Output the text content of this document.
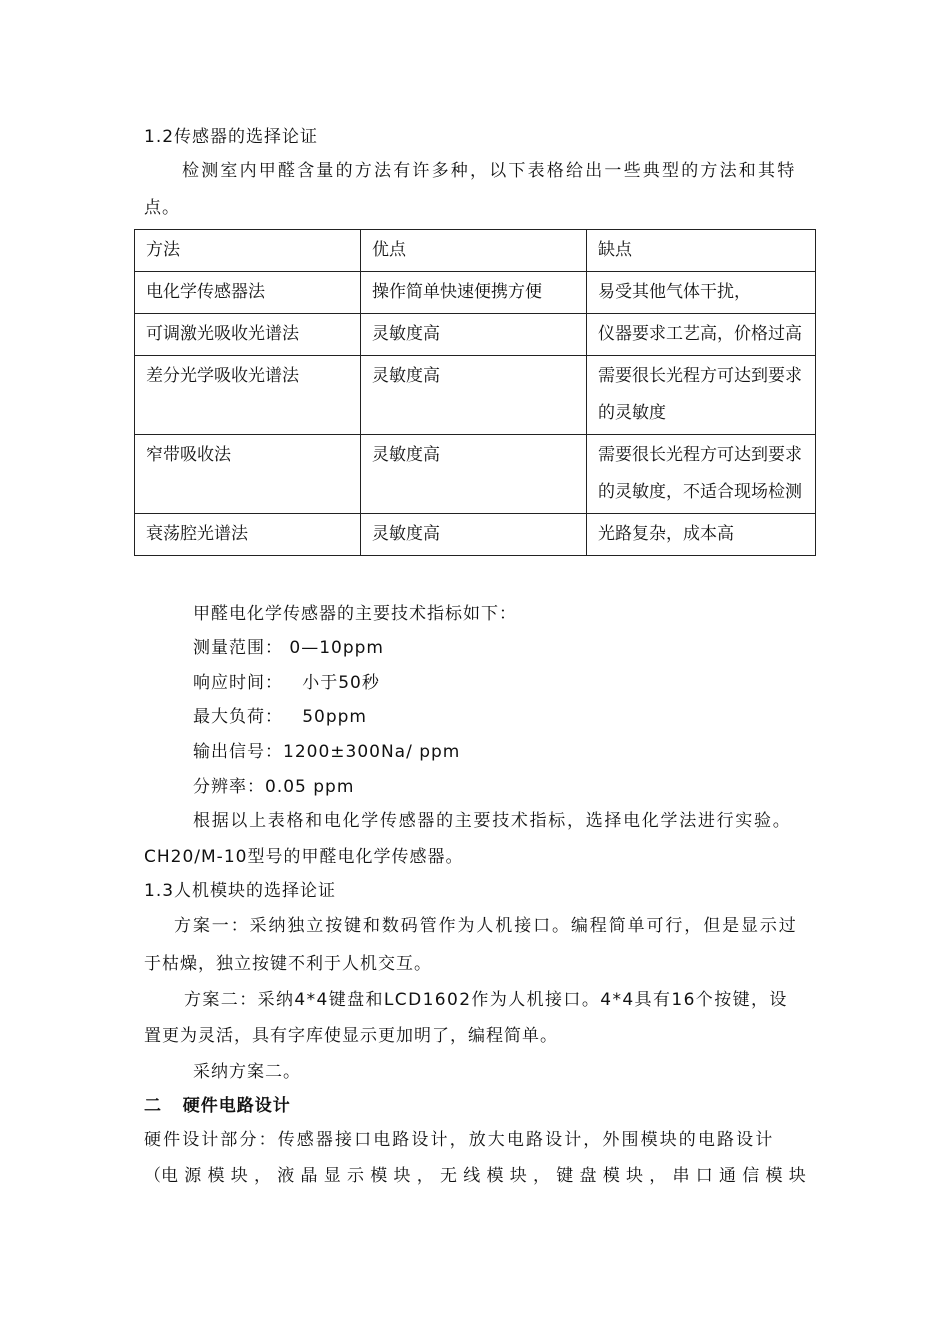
1.2传感器的选择论证
检测室内甲醛含量的方法有许多种，以下表格给出一些典型的方法和其特
点。
方法	优点	缺点
电化学传感器法	操作简单快速便携方便	易受其他气体干扰，
可调激光吸收光谱法	灵敏度高	仪器要求工艺高，价格过高
差分光学吸收光谱法	灵敏度高	需要很长光程方可达到要求的灵敏度
窄带吸收法	灵敏度高	需要很长光程方可达到要求的灵敏度，不适合现场检测
衰荡腔光谱法	灵敏度高	光路复杂，成本高
甲醛电化学传感器的主要技术指标如下：
测量范围： 0—10ppm
响应时间：   小于50秒
最大负荷：   50ppm
输出信号：1200±300Na/ ppm
分辨率：0.05 ppm
根据以上表格和电化学传感器的主要技术指标，选择电化学法进行实验。
CH20/M-10型号的甲醛电化学传感器。
1.3人机模块的选择论证
方案一：采纳独立按键和数码管作为人机接口。编程简单可行，但是显示过
于枯燥，独立按键不利于人机交互。
方案二：采纳4*4键盘和LCD1602作为人机接口。4*4具有16个按键，设
置更为灵活，具有字库使显示更加明了，编程简单。
采纳方案二。
二   硬件电路设计
硬件设计部分：传感器接口电路设计，放大电路设计，外围模块的电路设计
（电 源 模 块 ， 液 晶 显 示 模 块 ， 无 线 模 块 ， 键 盘 模 块 ， 串 口 通 信 模 块
